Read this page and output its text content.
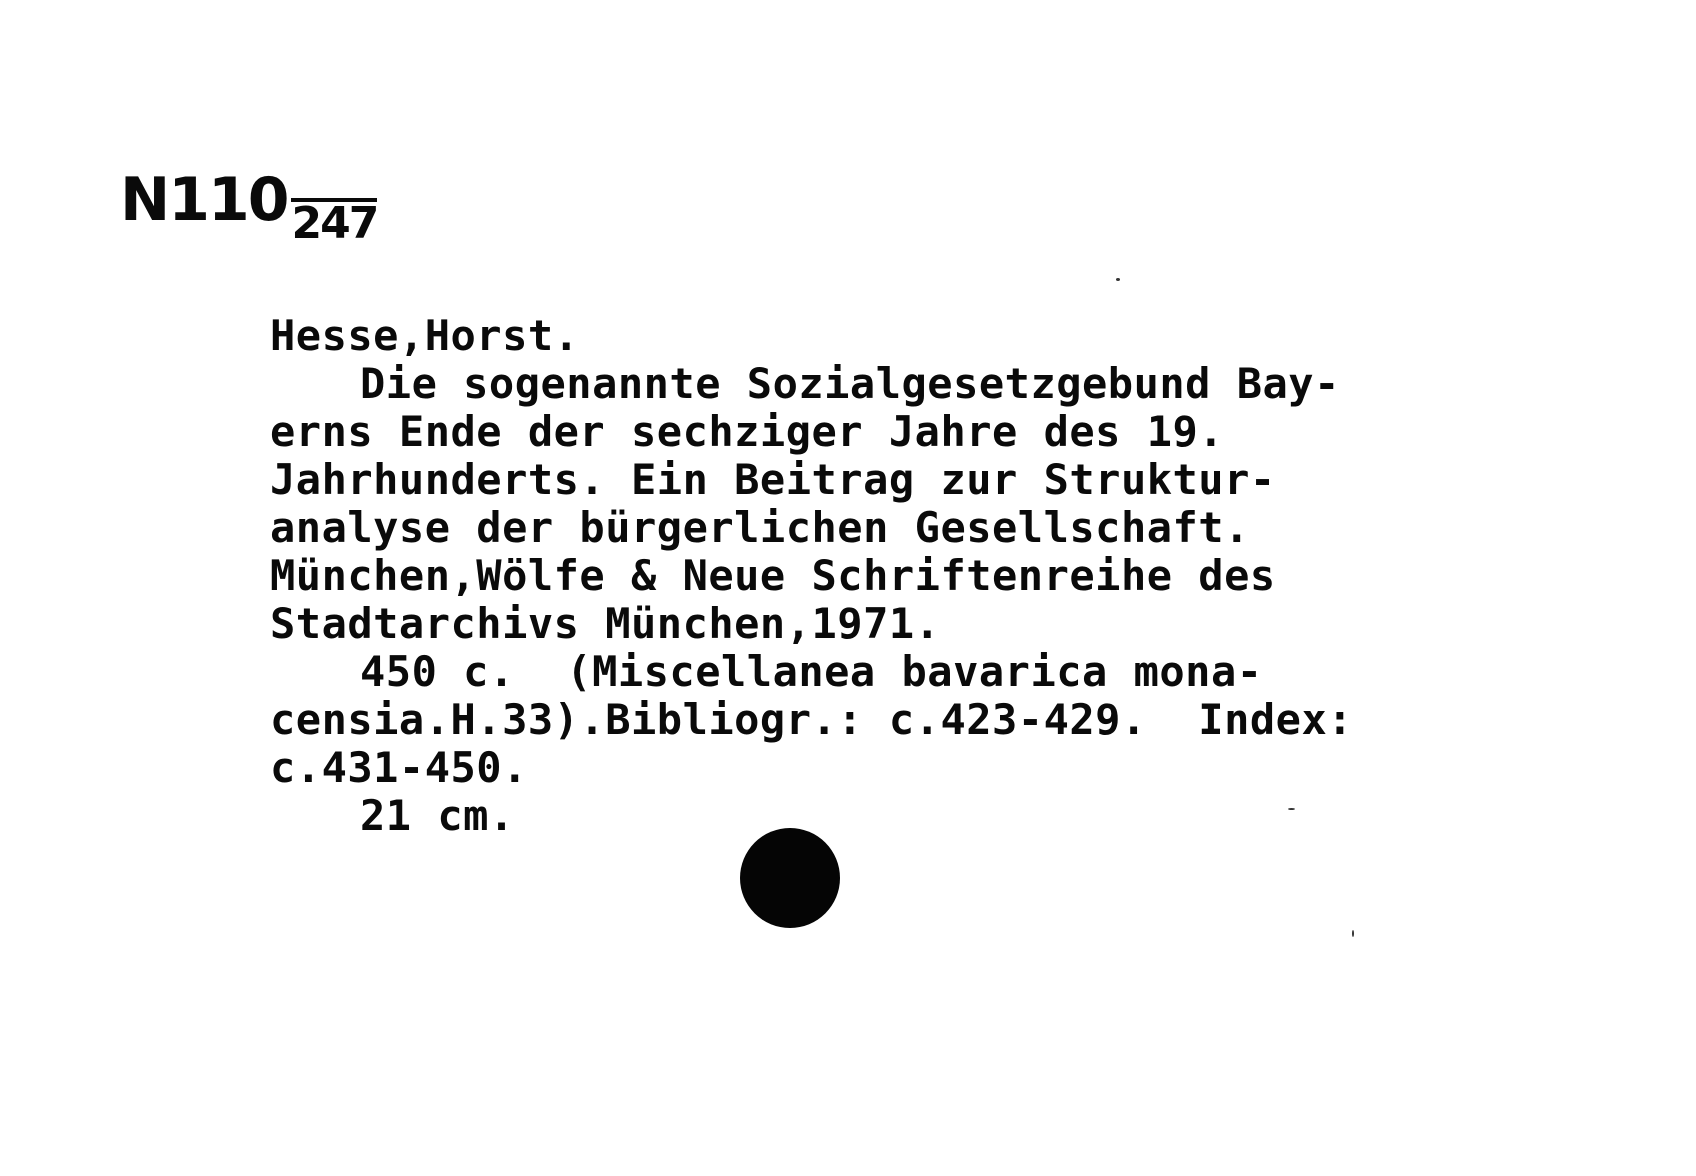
N110247
Hesse,Horst.
Die sogenannte Sozialgesetzgebund Bay-
erns Ende der sechziger Jahre des 19.
Jahrhunderts. Ein Beitrag zur Struktur-
analyse der bürgerlichen Gesellschaft.
München,Wölfe & Neue Schriftenreihe des
Stadtarchivs München,1971.
450 c.  (Miscellanea bavarica mona-
censia.H.33).Bibliogr.: c.423-429.  Index:
c.431-450.
21 cm.
